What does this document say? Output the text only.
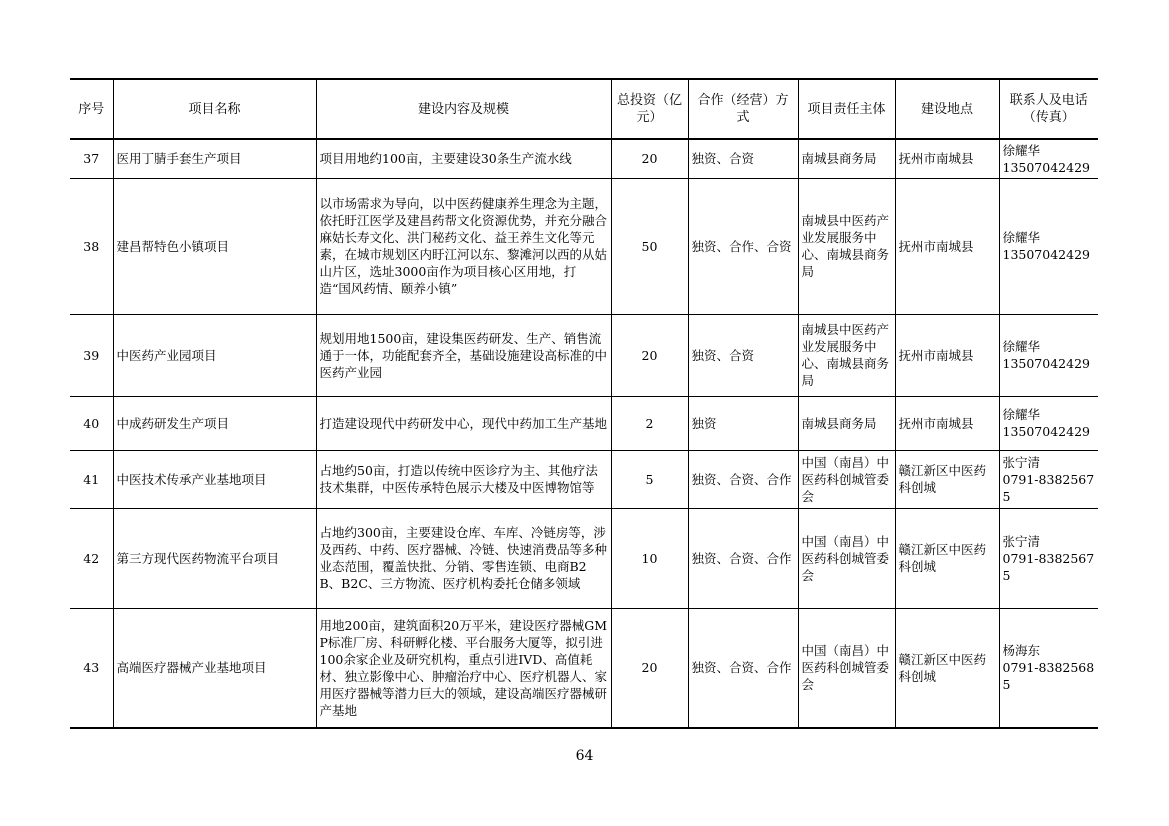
序号	项目名称	建设内容及规模	总投资（亿元）	合作（经营）方式	项目责任主体	建设地点	联系人及电话（传真）
37	医用丁腈手套生产项目	项目用地约100亩，主要建设30条生产流水线	20	独资、合资	南城县商务局	抚州市南城县	徐耀华
13507042429
38	建昌帮特色小镇项目	以市场需求为导向，以中医药健康养生理念为主题，依托盱江医学及建昌药帮文化资源优势，并充分融合麻姑长寿文化、洪门秘药文化、益王养生文化等元素，在城市规划区内盱江河以东、黎滩河以西的从姑山片区，选址3000亩作为项目核心区用地，打造“国风药情、颐养小镇”	50	独资、合作、合资	南城县中医药产业发展服务中心、南城县商务局	抚州市南城县	徐耀华
13507042429
39	中医药产业园项目	规划用地1500亩，建设集医药研发、生产、销售流通于一体，功能配套齐全，基础设施建设高标准的中医药产业园	20	独资、合资	南城县中医药产业发展服务中心、南城县商务局	抚州市南城县	徐耀华
13507042429
40	中成药研发生产项目	打造建设现代中药研发中心，现代中药加工生产基地	2	独资	南城县商务局	抚州市南城县	徐耀华
13507042429
41	中医技术传承产业基地项目	占地约50亩，打造以传统中医诊疗为主、其他疗法技术集群，中医传承特色展示大楼及中医博物馆等	5	独资、合资、合作	中国（南昌）中医药科创城管委会	赣江新区中医药科创城	张宁清
0791-83825675
42	第三方现代医药物流平台项目	占地约300亩，主要建设仓库、车库、冷链房等，涉及西药、中药、医疗器械、冷链、快速消费品等多种业态范围，覆盖快批、分销、零售连锁、电商B2B、B2C、三方物流、医疗机构委托仓储多领域	10	独资、合资、合作	中国（南昌）中医药科创城管委会	赣江新区中医药科创城	张宁清
0791-83825675
43	高端医疗器械产业基地项目	用地200亩，建筑面积20万平米，建设医疗器械GMP标准厂房、科研孵化楼、平台服务大厦等，拟引进100余家企业及研究机构，重点引进IVD、高值耗材、独立影像中心、肿瘤治疗中心、医疗机器人、家用医疗器械等潜力巨大的领域，建设高端医疗器械研产基地	20	独资、合资、合作	中国（南昌）中医药科创城管委会	赣江新区中医药科创城	杨海东
0791-83825685
64
